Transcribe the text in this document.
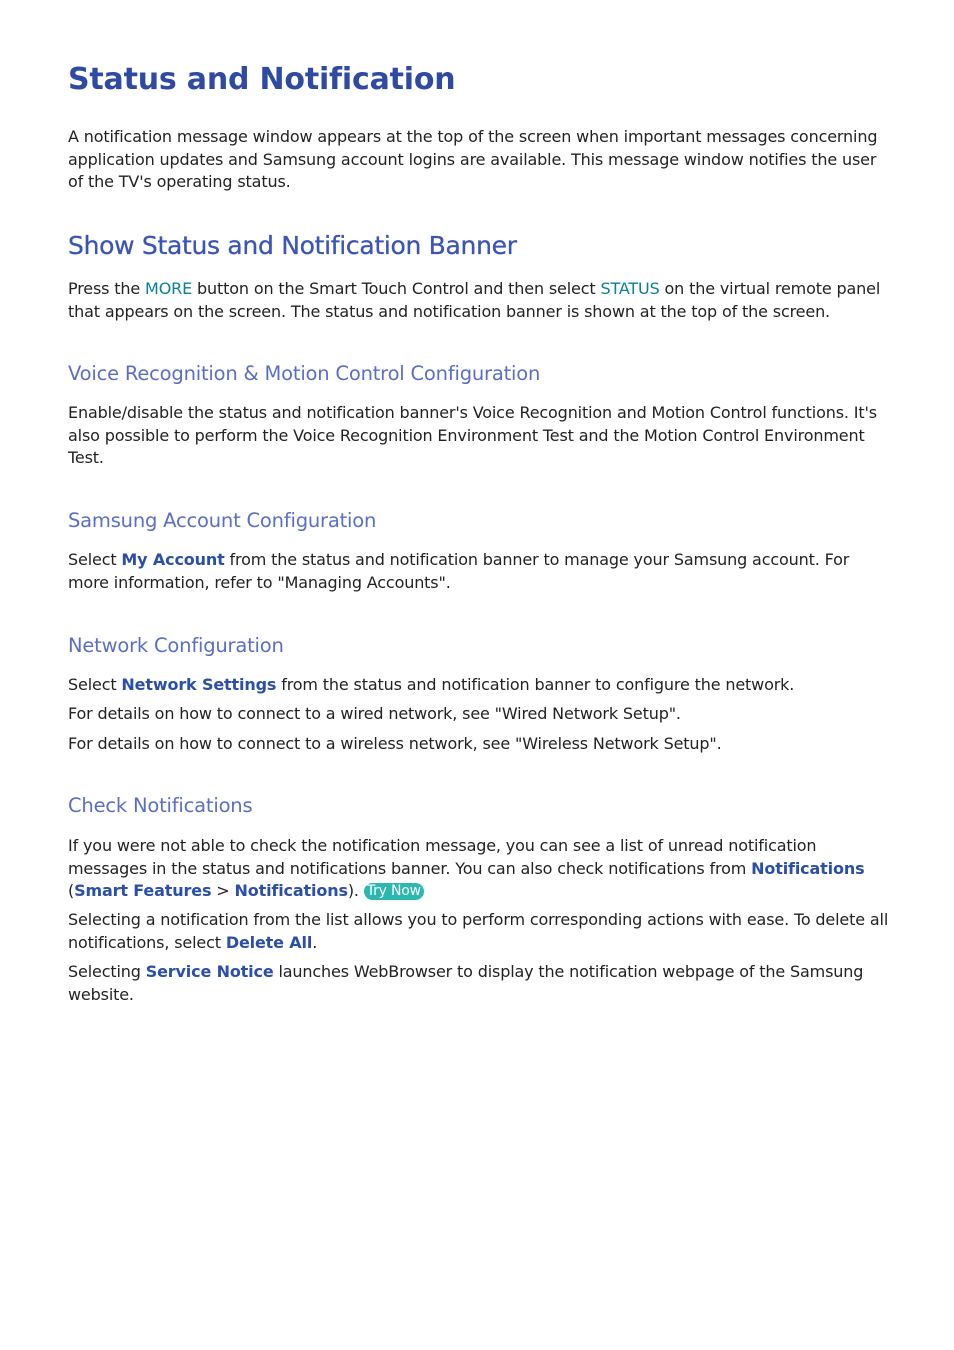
Status and Notification

A notification message window appears at the top of the screen when important messages concerning application updates and Samsung account logins are available. This message window notifies the user of the TV's operating status.

Show Status and Notification Banner

Press the MORE button on the Smart Touch Control and then select STATUS on the virtual remote panel that appears on the screen. The status and notification banner is shown at the top of the screen.

Voice Recognition & Motion Control Configuration

Enable/disable the status and notification banner's Voice Recognition and Motion Control functions. It's also possible to perform the Voice Recognition Environment Test and the Motion Control Environment Test.

Samsung Account Configuration

Select My Account from the status and notification banner to manage your Samsung account. For more information, refer to "Managing Accounts".

Network Configuration

Select Network Settings from the status and notification banner to configure the network.

For details on how to connect to a wired network, see "Wired Network Setup".

For details on how to connect to a wireless network, see "Wireless Network Setup".

Check Notifications

If you were not able to check the notification message, you can see a list of unread notification messages in the status and notifications banner. You can also check notifications from Notifications (Smart Features > Notifications). Try Now

Selecting a notification from the list allows you to perform corresponding actions with ease. To delete all notifications, select Delete All.

Selecting Service Notice launches WebBrowser to display the notification webpage of the Samsung website.
